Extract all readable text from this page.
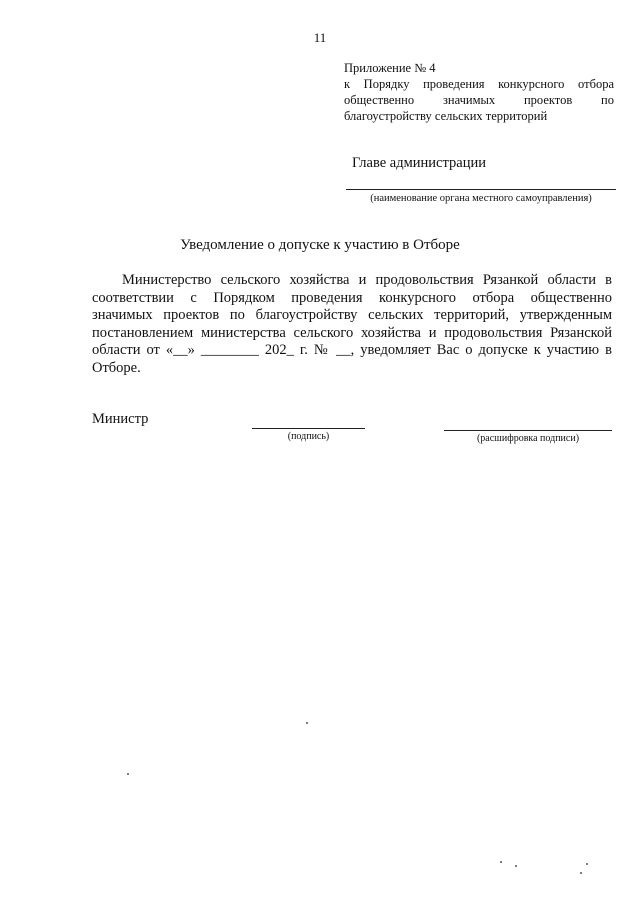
11
Приложение № 4
к Порядку проведения конкурсного отбора
общественно значимых проектов по
благоустройству сельских территорий
Главе администрации
(наименование органа местного самоуправления)
Уведомление о допуске к участию в Отборе
Министерство сельского хозяйства и продовольствия Рязанкой области в
соответствии с Порядком проведения конкурсного отбора общественно
значимых проектов по благоустройству сельских территорий, утвержденным
постановлением министерства сельского хозяйства и продовольствия Рязанской
области от «__» ________ 202_ г. № __, уведомляет Вас о допуске к участию в
Отборе.
Министр
(подпись)	(расшифровка подписи)
